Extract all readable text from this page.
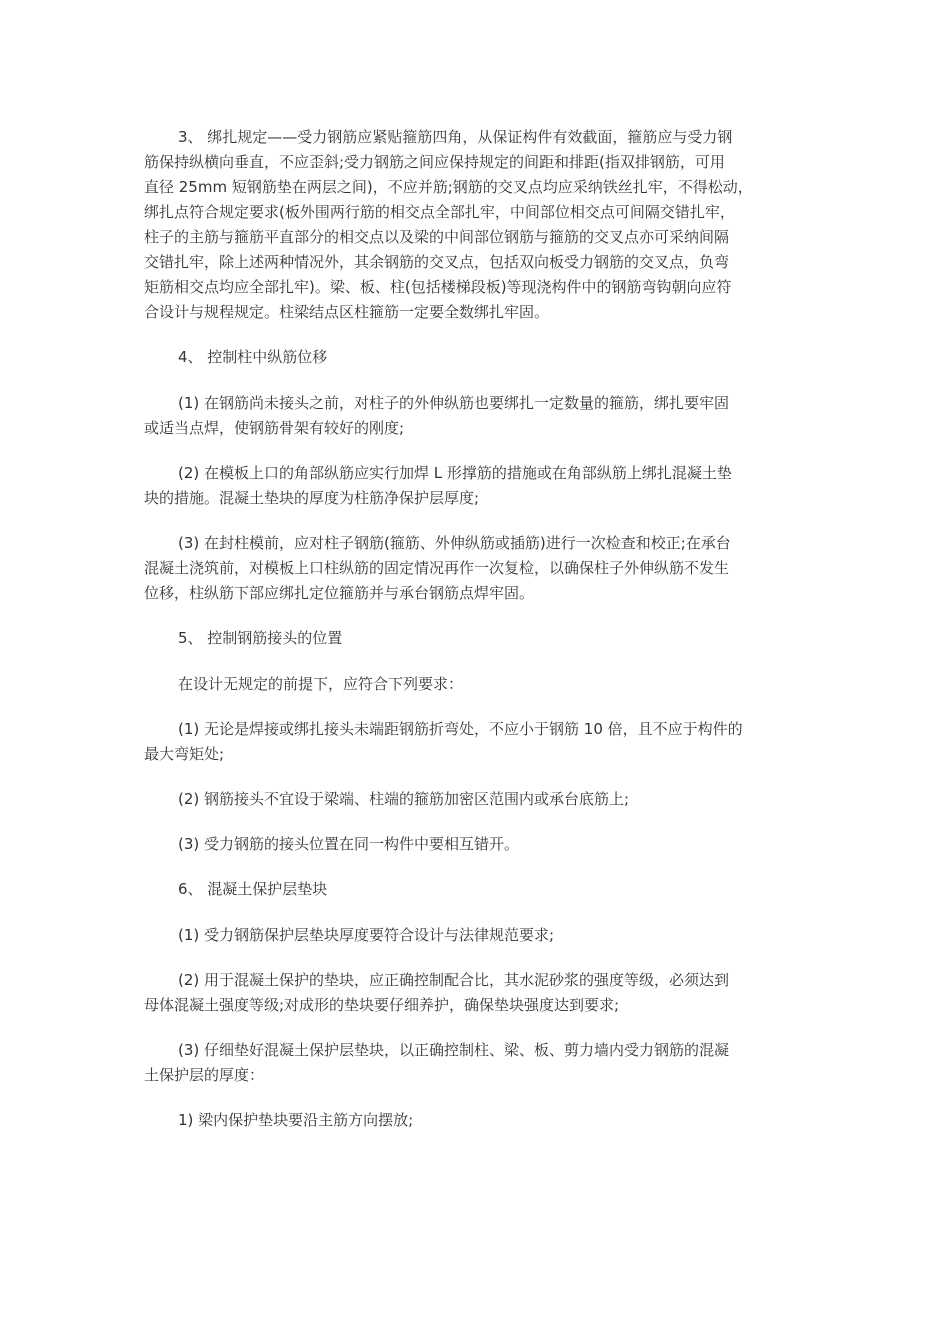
3、 绑扎规定——受力钢筋应紧贴箍筋四角，从保证构件有效截面，箍筋应与受力钢
筋保持纵横向垂直，不应歪斜;受力钢筋之间应保持规定的间距和排距(指双排钢筋，可用
直径 25mm 短钢筋垫在两层之间)，不应并筋;钢筋的交叉点均应采纳铁丝扎牢，不得松动，
绑扎点符合规定要求(板外围两行筋的相交点全部扎牢，中间部位相交点可间隔交错扎牢，
柱子的主筋与箍筋平直部分的相交点以及梁的中间部位钢筋与箍筋的交叉点亦可采纳间隔
交错扎牢，除上述两种情况外，其余钢筋的交叉点，包括双向板受力钢筋的交叉点，负弯
矩筋相交点均应全部扎牢)。梁、板、柱(包括楼梯段板)等现浇构件中的钢筋弯钩朝向应符
合设计与规程规定。柱梁结点区柱箍筋一定要全数绑扎牢固。

4、 控制柱中纵筋位移

(1) 在钢筋尚未接头之前，对柱子的外伸纵筋也要绑扎一定数量的箍筋，绑扎要牢固
或适当点焊，使钢筋骨架有较好的刚度;

(2) 在模板上口的角部纵筋应实行加焊 L 形撑筋的措施或在角部纵筋上绑扎混凝土垫
块的措施。混凝土垫块的厚度为柱筋净保护层厚度;

(3) 在封柱模前，应对柱子钢筋(箍筋、外伸纵筋或插筋)进行一次检查和校正;在承台
混凝土浇筑前，对模板上口柱纵筋的固定情况再作一次复检，以确保柱子外伸纵筋不发生
位移，柱纵筋下部应绑扎定位箍筋并与承台钢筋点焊牢固。

5、 控制钢筋接头的位置

在设计无规定的前提下，应符合下列要求：

(1) 无论是焊接或绑扎接头未端距钢筋折弯处，不应小于钢筋 10 倍，且不应于构件的
最大弯矩处;

(2) 钢筋接头不宜设于梁端、柱端的箍筋加密区范围内或承台底筋上;

(3) 受力钢筋的接头位置在同一构件中要相互错开。

6、 混凝土保护层垫块

(1) 受力钢筋保护层垫块厚度要符合设计与法律规范要求;

(2) 用于混凝土保护的垫块，应正确控制配合比，其水泥砂浆的强度等级，必须达到
母体混凝土强度等级;对成形的垫块要仔细养护，确保垫块强度达到要求;

(3) 仔细垫好混凝土保护层垫块，以正确控制柱、梁、板、剪力墙内受力钢筋的混凝
土保护层的厚度：

1) 梁内保护垫块要沿主筋方向摆放;
